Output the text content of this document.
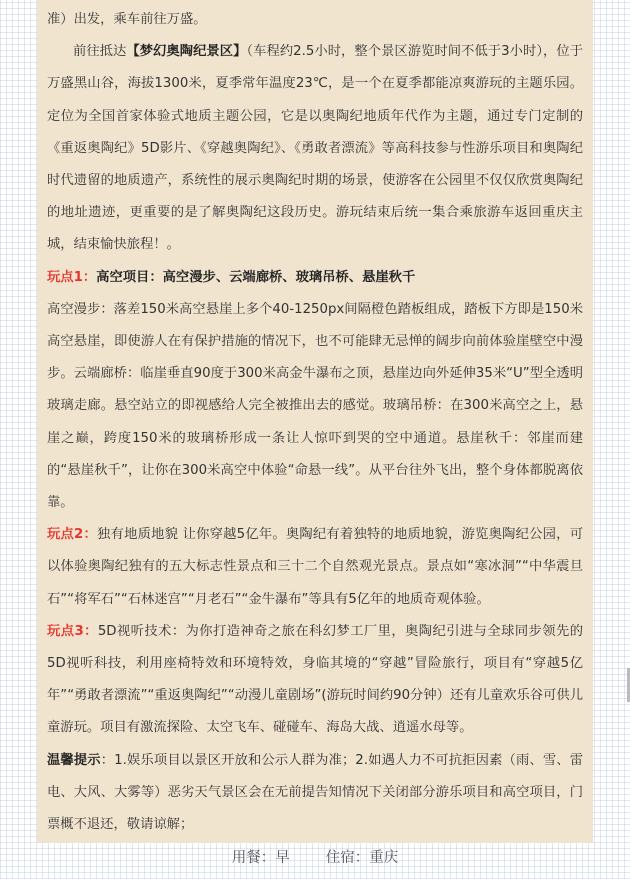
准）出发，乘车前往万盛。

前往抵达【梦幻奥陶纪景区】（车程约2.5小时，整个景区游览时间不低于3小时），位于万盛黑山谷，海拔1300米，夏季常年温度23℃，是一个在夏季都能凉爽游玩的主题乐园。定位为全国首家体验式地质主题公园，它是以奥陶纪地质年代作为主题，通过专门定制的《重返奥陶纪》5D影片、《穿越奥陶纪》、《勇敢者漂流》等高科技参与性游乐项目和奥陶纪时代遗留的地质遗产，系统性的展示奥陶纪时期的场景，使游客在公园里不仅仅欣赏奥陶纪的地址遗迹，更重要的是了解奥陶纪这段历史。游玩结束后统一集合乘旅游车返回重庆主城，结束愉快旅程！。

玩点1：高空项目：高空漫步、云端廊桥、玻璃吊桥、悬崖秋千

高空漫步：落差150米高空悬崖上多个40-1250px间隔橙色踏板组成，踏板下方即是150米高空悬崖，即使游人在有保护措施的情况下，也不可能肆无忌惮的阔步向前体验崖壁空中漫步。云端廊桥：临崖垂直90度于300米高金牛瀑布之顶，悬崖边向外延伸35米“U”型全透明玻璃走廊。悬空站立的即视感给人完全被推出去的感觉。玻璃吊桥：在300米高空之上，悬崖之巅，跨度150米的玻璃桥形成一条让人惊吓到哭的空中通道。悬崖秋千：邻崖而建的“悬崖秋千”，让你在300米高空中体验“命悬一线”。从平台往外飞出，整个身体都脱离依靠。

玩点2：独有地质地貌 让你穿越5亿年。奥陶纪有着独特的地质地貌，游览奥陶纪公园，可以体验奥陶纪独有的五大标志性景点和三十二个自然观光景点。景点如“寒冰洞”“中华震旦石”“将军石”“石林迷宫”“月老石”“金牛瀑布”等具有5亿年的地质奇观体验。

玩点3：5D视听技术：为你打造神奇之旅在科幻梦工厂里，奥陶纪引进与全球同步领先的5D视听科技，利用座椅特效和环境特效，身临其境的“穿越”冒险旅行，项目有“穿越5亿年”“勇敢者漂流”“重返奥陶纪”“动漫儿童剧场”(游玩时间约90分钟）还有儿童欢乐谷可供儿童游玩。项目有激流探险、太空飞车、碰碰车、海岛大战、逍遥水母等。

温馨提示：1.娱乐项目以景区开放和公示人群为准；2.如遇人力不可抗拒因素（雨、雪、雷电、大风、大雾等）恶劣天气景区会在无前提告知情况下关闭部分游乐项目和高空项目，门票概不退还，敬请谅解；

用餐：早 住宿：重庆
